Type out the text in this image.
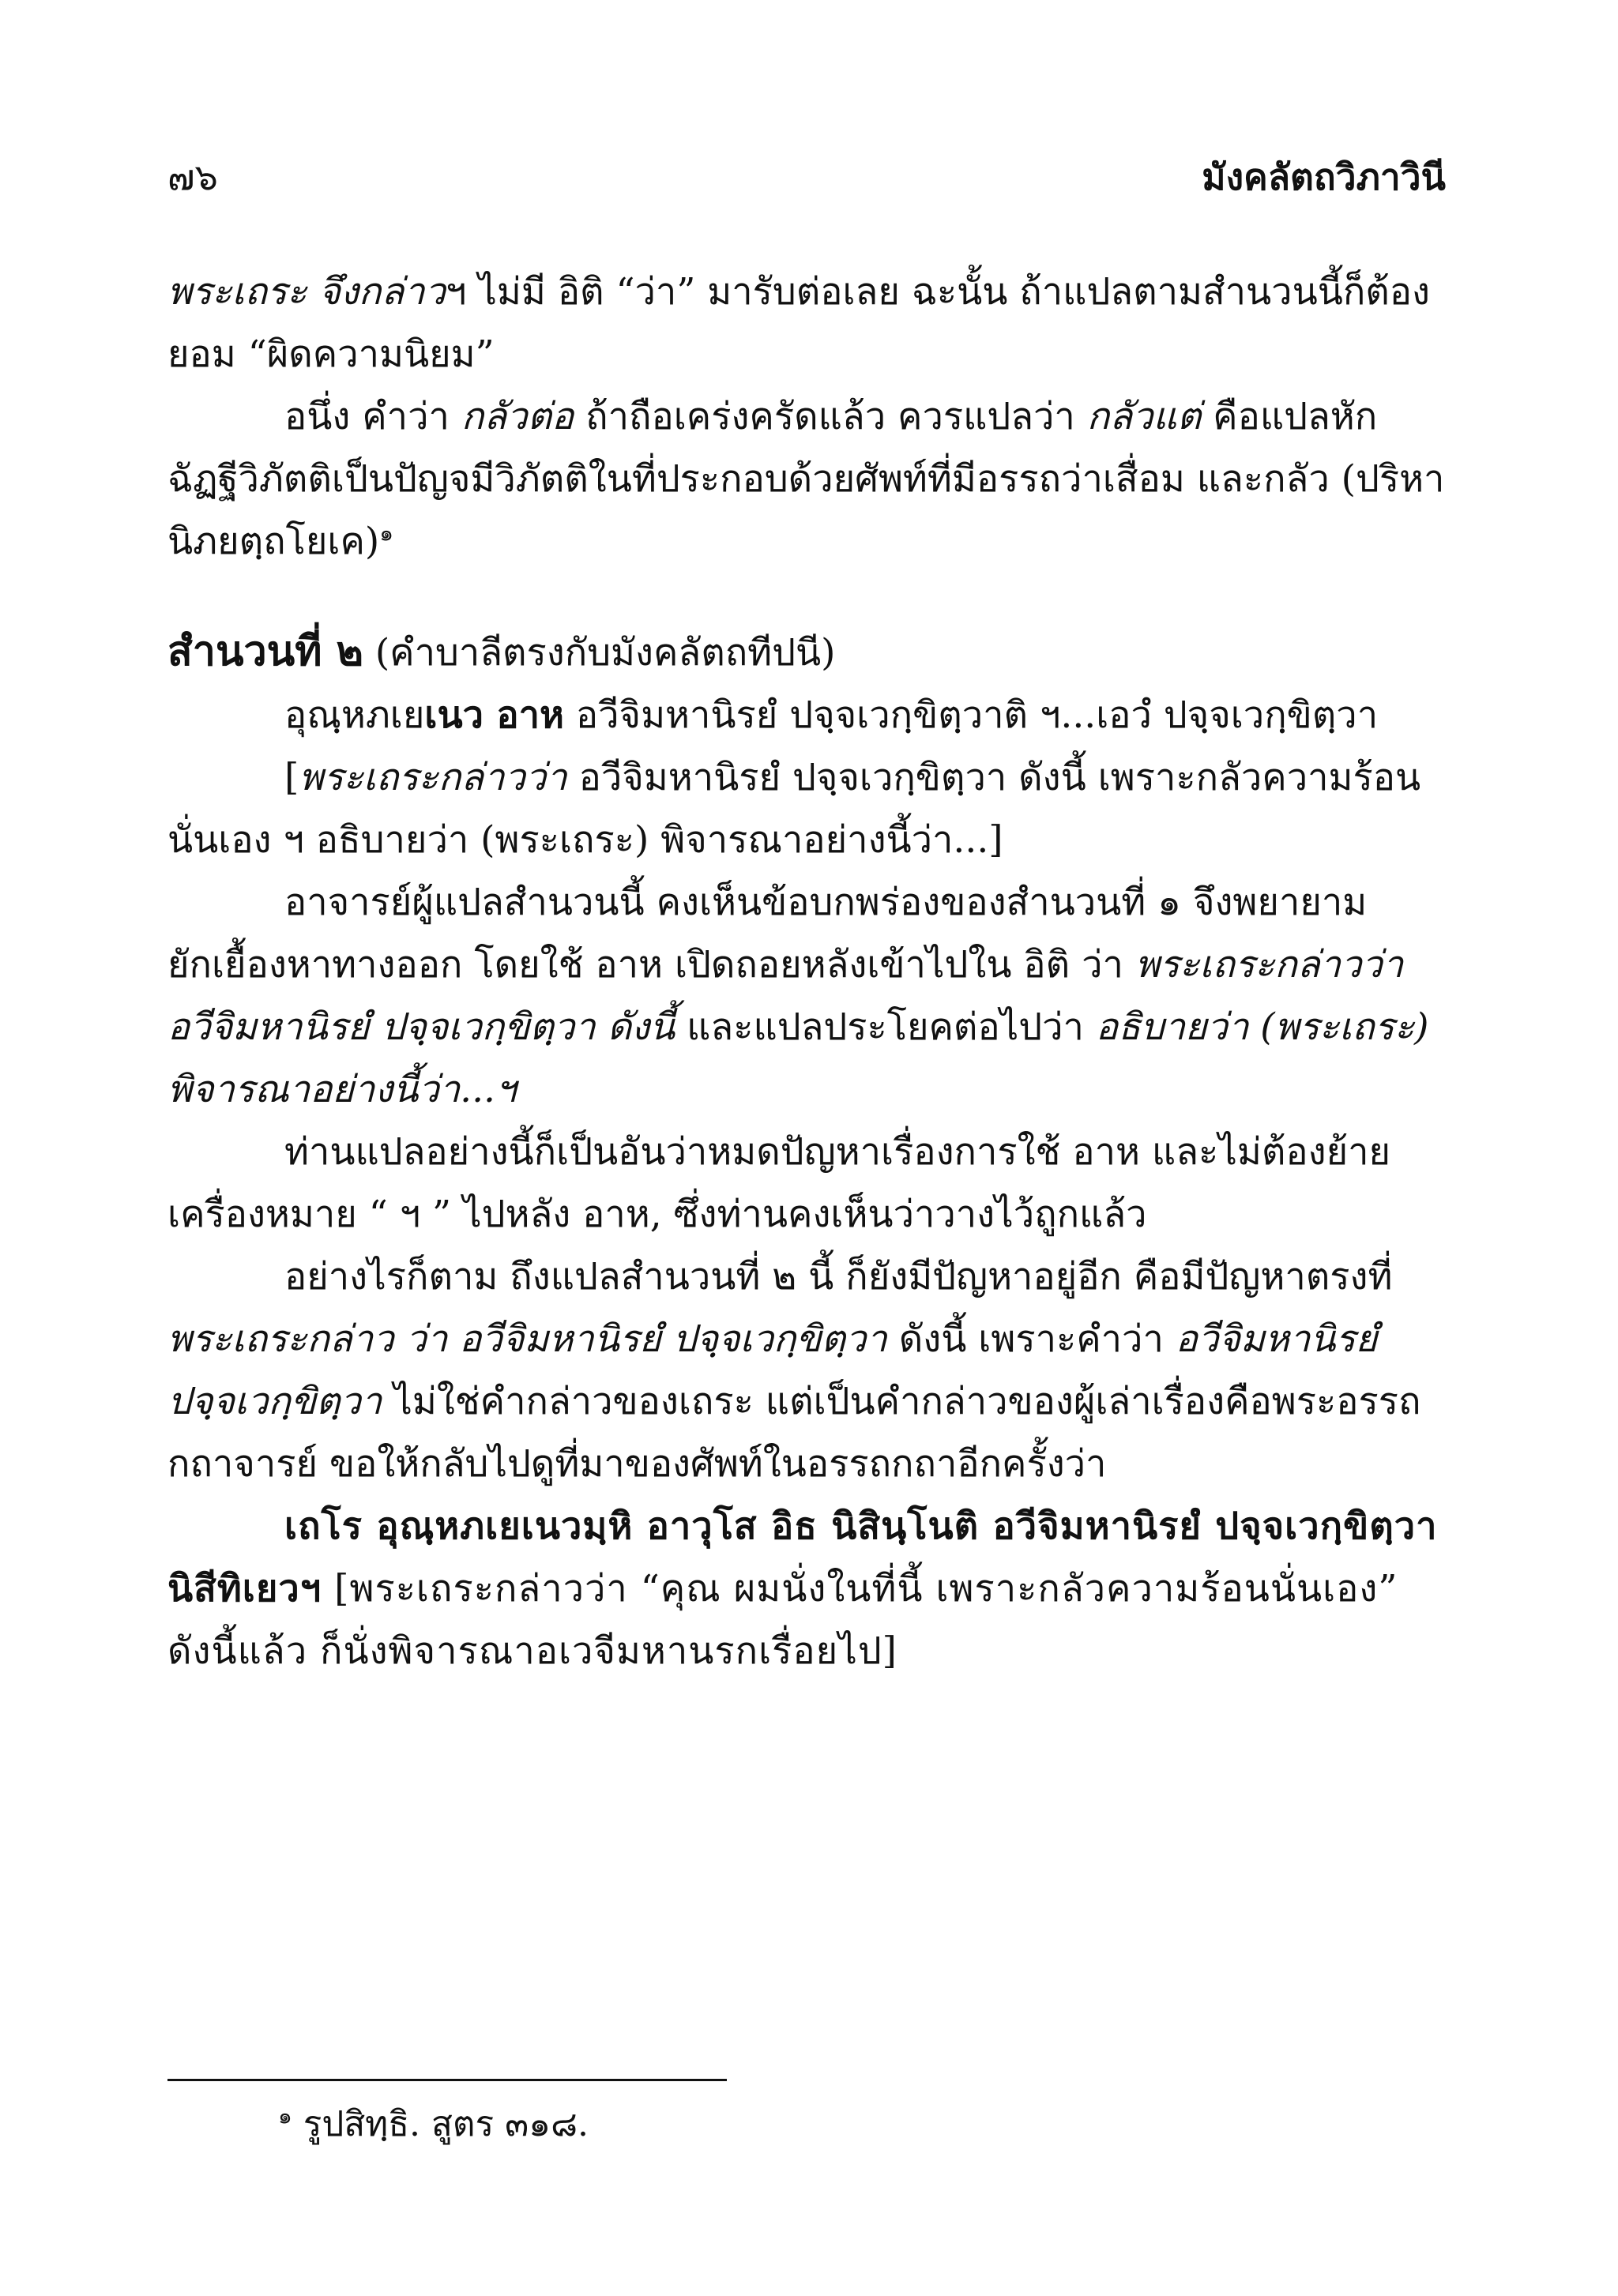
๗๖	มังคลัตถวิภาวินี

พระเถระ จึงกล่าวฯ ไม่มี อิติ “ว่า” มารับต่อเลย ฉะนั้น ถ้าแปลตามสำนวนนี้ก็ต้องยอม “ผิดความนิยม”

อนึ่ง คำว่า กลัวต่อ ถ้าถือเคร่งครัดแล้ว ควรแปลว่า กลัวแต่ คือแปลหักฉัฏฐีวิภัตติเป็นปัญจมีวิภัตติในที่ประกอบด้วยศัพท์ที่มีอรรถว่าเสื่อม และกลัว (ปริหานิภยตฺถโยเค)$^๑$

สำนวนที่ ๒ (คำบาลีตรงกับมังคลัตถทีปนี)

อุณฺหภเยเนว อาห อวีจิมหานิรยํ ปจฺจเวกฺขิตฺวาติ ฯ...เอวํ ปจฺจเวกฺขิตฺวา

[พระเถระกล่าวว่า อวีจิมหานิรยํ ปจฺจเวกฺขิตฺวา ดังนี้ เพราะกลัวความร้อนนั่นเอง ฯ อธิบายว่า (พระเถระ) พิจารณาอย่างนี้ว่า...]

อาจารย์ผู้แปลสำนวนนี้ คงเห็นข้อบกพร่องของสำนวนที่ ๑ จึงพยายามยักเยื้องหาทางออก โดยใช้ อาห เปิดถอยหลังเข้าไปใน อิติ ว่า พระเถระกล่าวว่า อวีจิมหานิรยํ ปจฺจเวกฺขิตฺวา ดังนี้ และแปลประโยคต่อไปว่า อธิบายว่า (พระเถระ) พิจารณาอย่างนี้ว่า...ฯ

ท่านแปลอย่างนี้ก็เป็นอันว่าหมดปัญหาเรื่องการใช้ อาห และไม่ต้องย้ายเครื่องหมาย “ ฯ ” ไปหลัง อาห, ซึ่งท่านคงเห็นว่าวางไว้ถูกแล้ว

อย่างไรก็ตาม ถึงแปลสำนวนที่ ๒ นี้ ก็ยังมีปัญหาอยู่อีก คือมีปัญหาตรงที่ พระเถระกล่าว ว่า อวีจิมหานิรยํ ปจฺจเวกฺขิตฺวา ดังนี้ เพราะคำว่า อวีจิมหานิรยํ ปจฺจเวกฺขิตฺวา ไม่ใช่คำกล่าวของเถระ แต่เป็นคำกล่าวของผู้เล่าเรื่องคือพระอรรถกถาจารย์ ขอให้กลับไปดูที่มาของศัพท์ในอรรถกถาอีกครั้งว่า

เถโร อุณฺหภเยเนวมฺหิ อาวุโส อิธ นิสินฺโนติ อวีจิมหานิรยํ ปจฺจเวกฺขิตฺวา นิสีทิเยวฯ [พระเถระกล่าวว่า “คุณ ผมนั่งในที่นี้ เพราะกลัวความร้อนนั่นเอง” ดังนี้แล้ว ก็นั่งพิจารณาอเวจีมหานรกเรื่อยไป]

$^๑$ รูปสิทฺธิ. สูตร ๓๑๘.
